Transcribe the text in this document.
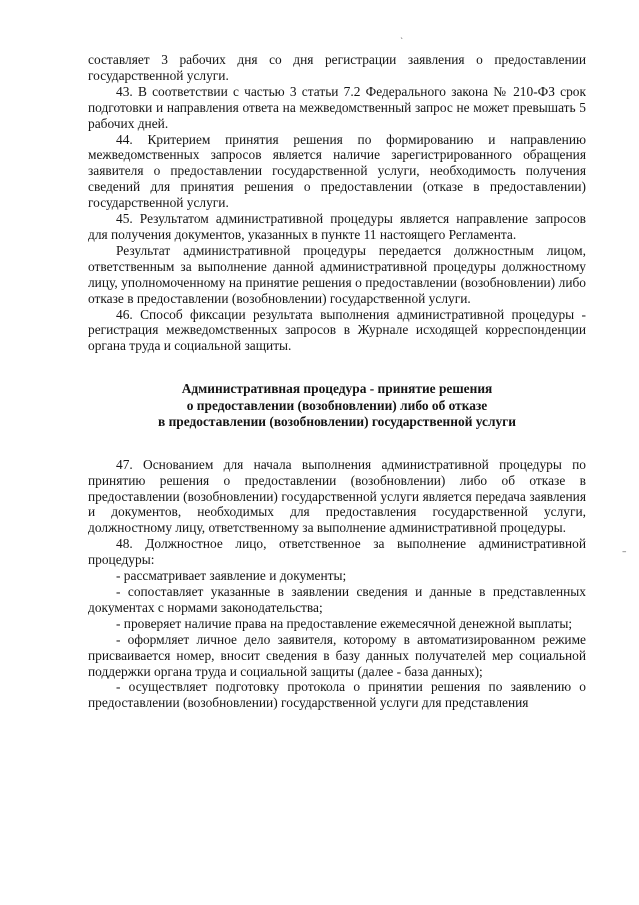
ˎ
–

составляет 3 рабочих дня со дня регистрации заявления о предоставлении государственной услуги.

43. В соответствии с частью 3 статьи 7.2 Федерального закона № 210-ФЗ срок подготовки и направления ответа на межведомственный запрос не может превышать 5 рабочих дней.

44. Критерием принятия решения по формированию и направлению межведомственных запросов является наличие зарегистрированного обращения заявителя о предоставлении государственной услуги, необходимость получения сведений для принятия решения о предоставлении (отказе в предоставлении) государственной услуги.

45. Результатом административной процедуры является направление запросов для получения документов, указанных в пункте 11 настоящего Регламента.

Результат административной процедуры передается должностным лицом, ответственным за выполнение данной административной процедуры должностному лицу, уполномоченному на принятие решения о предоставлении (возобновлении) либо отказе в предоставлении (возобновлении) государственной услуги.

46. Способ фиксации результата выполнения административной процедуры - регистрация межведомственных запросов в Журнале исходящей корреспонденции органа труда и социальной защиты.

Административная процедура - принятие решения
о предоставлении (возобновлении) либо об отказе
в предоставлении (возобновлении) государственной услуги

47. Основанием для начала выполнения административной процедуры по принятию решения о предоставлении (возобновлении) либо об отказе в предоставлении (возобновлении) государственной услуги является передача заявления и документов, необходимых для предоставления государственной услуги, должностному лицу, ответственному за выполнение административной процедуры.

48. Должностное лицо, ответственное за выполнение административной процедуры:

- рассматривает заявление и документы;

- сопоставляет указанные в заявлении сведения и данные в представленных документах с нормами законодательства;

- проверяет наличие права на предоставление ежемесячной денежной выплаты;

- оформляет личное дело заявителя, которому в автоматизированном режиме присваивается номер, вносит сведения в базу данных получателей мер социальной поддержки органа труда и социальной защиты (далее - база данных);

- осуществляет подготовку протокола о принятии решения по заявлению о предоставлении (возобновлении) государственной услуги для представления
